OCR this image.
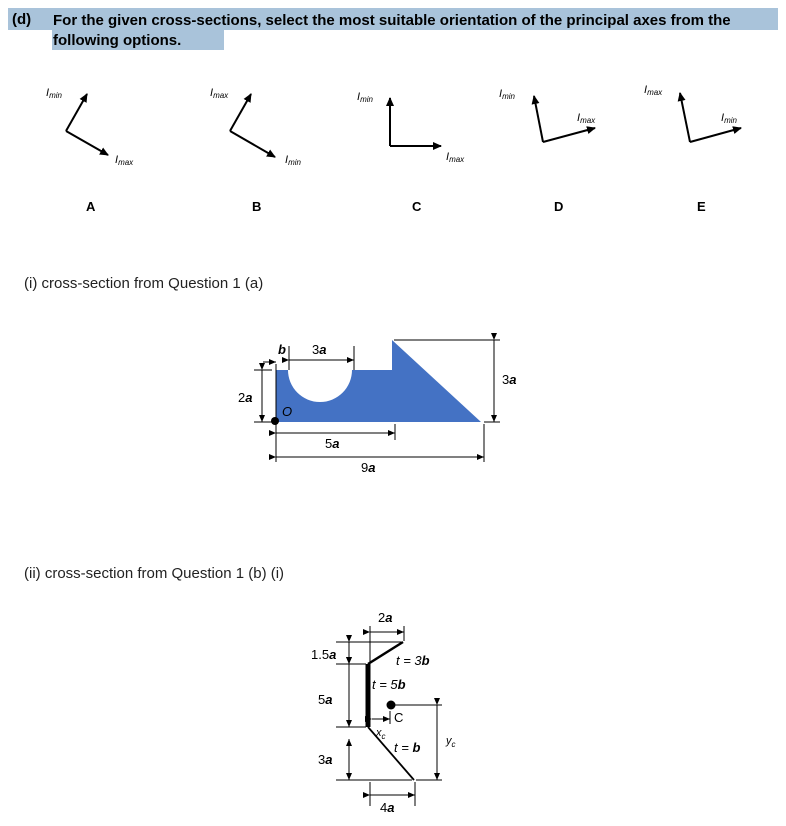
(d) For the given cross-sections, select the most suitable orientation of the principal axes from the following options.
Imin
Imax
A
Imax
Imin
B
Imin
Imax
C
Imin
Imax
D
Imax
Imin
E
b 3a
2a
O
5a
9a
3a
2a
1.5a
5a
3a
4a
t = 3b
t = 5b
t = b
C
$x_c$	$y_c$
(i) cross-section from Question 1 (a)
(ii) cross-section from Question 1 (b) (i)
